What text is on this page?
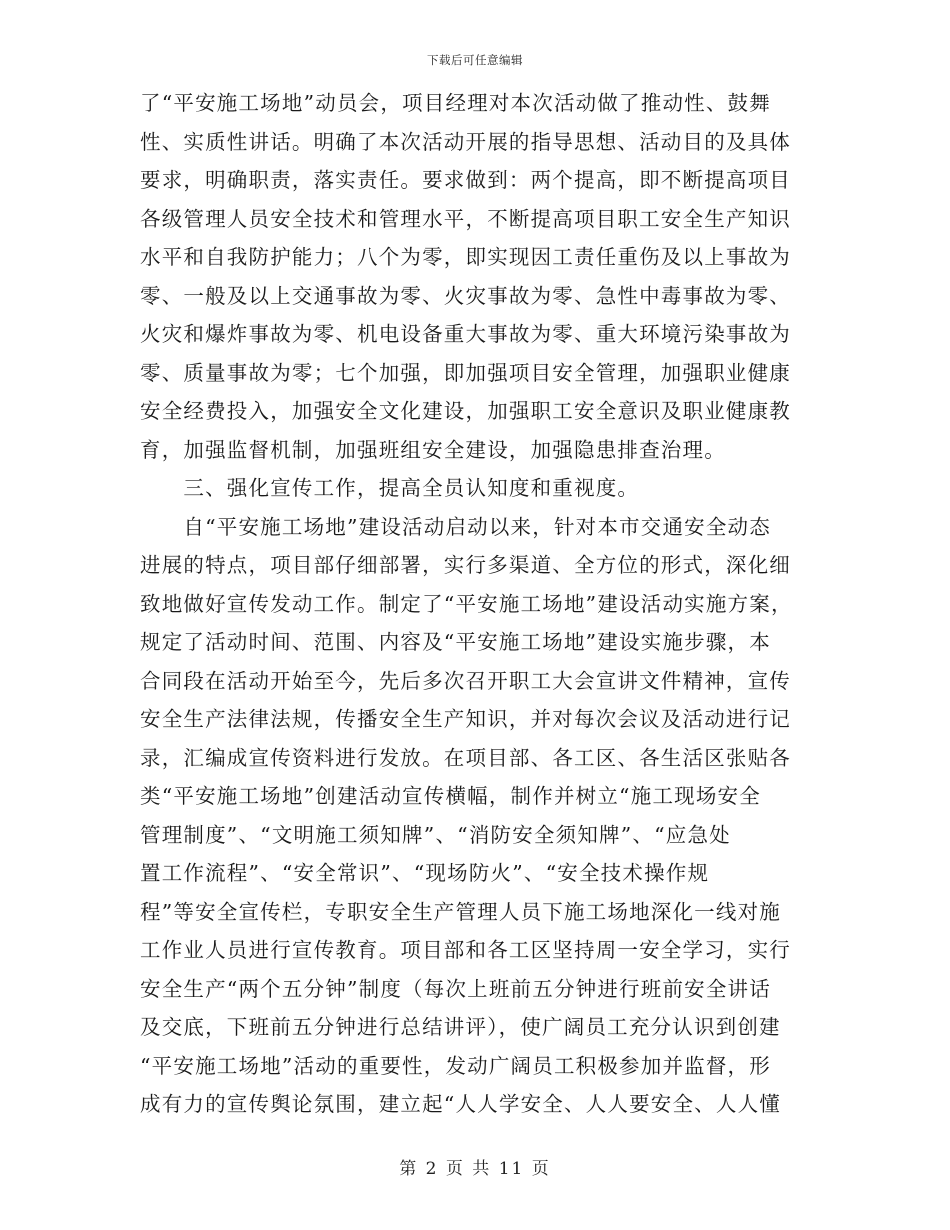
下载后可任意编辑
了“平安施工场地”动员会，项目经理对本次活动做了推动性、鼓舞
性、实质性讲话。明确了本次活动开展的指导思想、活动目的及具体
要求，明确职责，落实责任。要求做到：两个提高，即不断提高项目
各级管理人员安全技术和管理水平，不断提高项目职工安全生产知识
水平和自我防护能力；八个为零，即实现因工责任重伤及以上事故为
零、一般及以上交通事故为零、火灾事故为零、急性中毒事故为零、
火灾和爆炸事故为零、机电设备重大事故为零、重大环境污染事故为
零、质量事故为零；七个加强，即加强项目安全管理，加强职业健康
安全经费投入，加强安全文化建设，加强职工安全意识及职业健康教
育，加强监督机制，加强班组安全建设，加强隐患排查治理。
　　三、强化宣传工作，提高全员认知度和重视度。
　　自“平安施工场地”建设活动启动以来，针对本市交通安全动态
进展的特点，项目部仔细部署，实行多渠道、全方位的形式，深化细
致地做好宣传发动工作。制定了“平安施工场地”建设活动实施方案，
规定了活动时间、范围、内容及“平安施工场地”建设实施步骤，本
合同段在活动开始至今，先后多次召开职工大会宣讲文件精神，宣传
安全生产法律法规，传播安全生产知识，并对每次会议及活动进行记
录，汇编成宣传资料进行发放。在项目部、各工区、各生活区张贴各
类“平安施工场地”创建活动宣传横幅，制作并树立“施工现场安全
管理制度”、“文明施工须知牌”、“消防安全须知牌”、“应急处
置工作流程”、“安全常识”、“现场防火”、“安全技术操作规
程”等安全宣传栏，专职安全生产管理人员下施工场地深化一线对施
工作业人员进行宣传教育。项目部和各工区坚持周一安全学习，实行
安全生产“两个五分钟”制度（每次上班前五分钟进行班前安全讲话
及交底，下班前五分钟进行总结讲评），使广阔员工充分认识到创建
“平安施工场地”活动的重要性，发动广阔员工积极参加并监督，形
成有力的宣传舆论氛围，建立起“人人学安全、人人要安全、人人懂
第 2 页 共 11 页
